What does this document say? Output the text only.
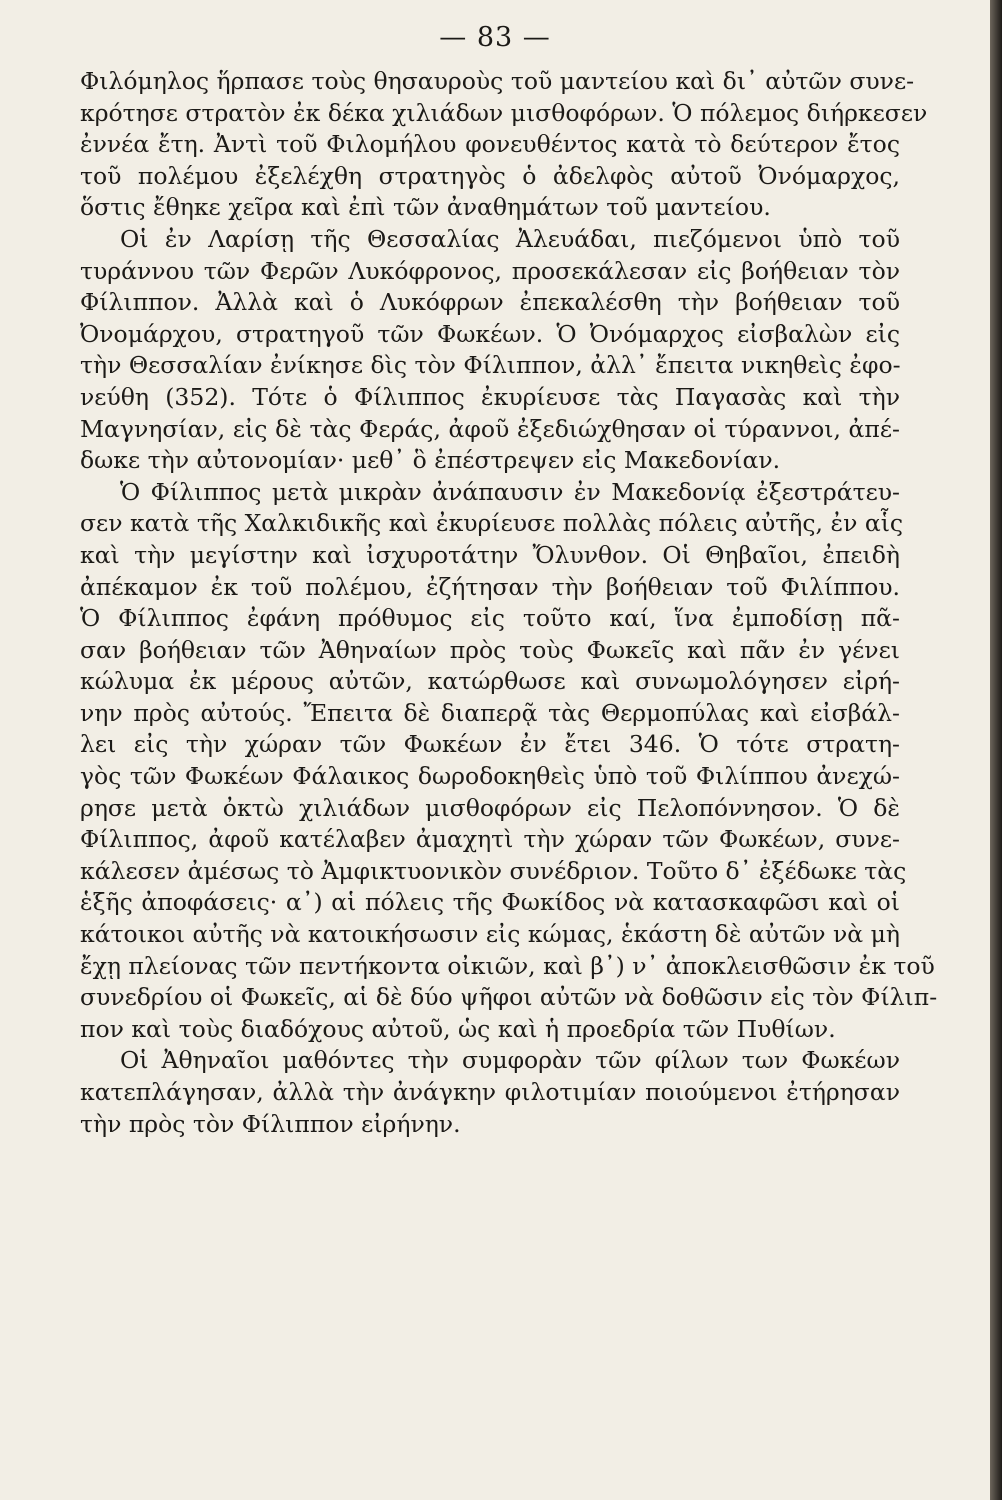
— 83 —
Φιλόμηλος ἥρπασε τοὺς θησαυροὺς τοῦ μαντείου καὶ δι᾽ αὐτῶν συνε-
κρότησε στρατὸν ἐκ δέκα χιλιάδων μισθοφόρων. Ὁ πόλεμος διήρκεσεν
ἐννέα ἔτη. Ἀντὶ τοῦ Φιλομήλου φονευθέντος κατὰ τὸ δεύτερον ἔτος
τοῦ πολέμου ἐξελέχθη στρατηγὸς ὁ ἀδελφὸς αὐτοῦ Ὀνόμαρχος,
ὅστις ἔθηκε χεῖρα καὶ ἐπὶ τῶν ἀναθημάτων τοῦ μαντείου.
Οἱ ἐν Λαρίσῃ τῆς Θεσσαλίας Ἀλευάδαι, πιεζόμενοι ὑπὸ τοῦ
τυράννου τῶν Φερῶν Λυκόφρονος, προσεκάλεσαν εἰς βοήθειαν τὸν
Φίλιππον. Ἀλλὰ καὶ ὁ Λυκόφρων ἐπεκαλέσθη τὴν βοήθειαν τοῦ
Ὀνομάρχου, στρατηγοῦ τῶν Φωκέων. Ὁ Ὀνόμαρχος εἰσβαλὼν εἰς
τὴν Θεσσαλίαν ἐνίκησε δὶς τὸν Φίλιππον, ἀλλ᾽ ἔπειτα νικηθεὶς ἐφο-
νεύθη (352). Τότε ὁ Φίλιππος ἐκυρίευσε τὰς Παγασὰς καὶ τὴν
Μαγνησίαν, εἰς δὲ τὰς Φεράς, ἀφοῦ ἐξεδιώχθησαν οἱ τύραννοι, ἀπέ-
δωκε τὴν αὐτονομίαν· μεθ᾽ ὃ ἐπέστρεψεν εἰς Μακεδονίαν.
Ὁ Φίλιππος μετὰ μικρὰν ἀνάπαυσιν ἐν Μακεδονίᾳ ἐξεστράτευ-
σεν κατὰ τῆς Χαλκιδικῆς καὶ ἐκυρίευσε πολλὰς πόλεις αὐτῆς, ἐν αἷς
καὶ τὴν μεγίστην καὶ ἰσχυροτάτην Ὄλυνθον. Οἱ Θηβαῖοι, ἐπειδὴ
ἀπέκαμον ἐκ τοῦ πολέμου, ἐζήτησαν τὴν βοήθειαν τοῦ Φιλίππου.
Ὁ Φίλιππος ἐφάνη πρόθυμος εἰς τοῦτο καί, ἵνα ἐμποδίσῃ πᾶ-
σαν βοήθειαν τῶν Ἀθηναίων πρὸς τοὺς Φωκεῖς καὶ πᾶν ἐν γένει
κώλυμα ἐκ μέρους αὐτῶν, κατώρθωσε καὶ συνωμολόγησεν εἰρή-
νην πρὸς αὐτούς. Ἔπειτα δὲ διαπερᾷ τὰς Θερμοπύλας καὶ εἰσβάλ-
λει εἰς τὴν χώραν τῶν Φωκέων ἐν ἔτει 346. Ὁ τότε στρατη-
γὸς τῶν Φωκέων Φάλαικος δωροδοκηθεὶς ὑπὸ τοῦ Φιλίππου ἀνεχώ-
ρησε μετὰ ὀκτὼ χιλιάδων μισθοφόρων εἰς Πελοπόννησον. Ὁ δὲ
Φίλιππος, ἀφοῦ κατέλαβεν ἀμαχητὶ τὴν χώραν τῶν Φωκέων, συνε-
κάλεσεν ἀμέσως τὸ Ἀμφικτυονικὸν συνέδριον. Τοῦτο δ᾽ ἐξέδωκε τὰς
ἑξῆς ἀποφάσεις· α᾽) αἱ πόλεις τῆς Φωκίδος νὰ κατασκαφῶσι καὶ οἱ
κάτοικοι αὐτῆς νὰ κατοικήσωσιν εἰς κώμας, ἑκάστη δὲ αὐτῶν νὰ μὴ
ἔχῃ πλείονας τῶν πεντήκοντα οἰκιῶν, καὶ β᾽) ν᾽ ἀποκλεισθῶσιν ἐκ τοῦ
συνεδρίου οἱ Φωκεῖς, αἱ δὲ δύο ψῆφοι αὐτῶν νὰ δοθῶσιν εἰς τὸν Φίλιπ-
πον καὶ τοὺς διαδόχους αὐτοῦ, ὡς καὶ ἡ προεδρία τῶν Πυθίων.
Οἱ Ἀθηναῖοι μαθόντες τὴν συμφορὰν τῶν φίλων των Φωκέων
κατεπλάγησαν, ἀλλὰ τὴν ἀνάγκην φιλοτιμίαν ποιούμενοι ἐτήρησαν
τὴν πρὸς τὸν Φίλιππον εἰρήνην.
